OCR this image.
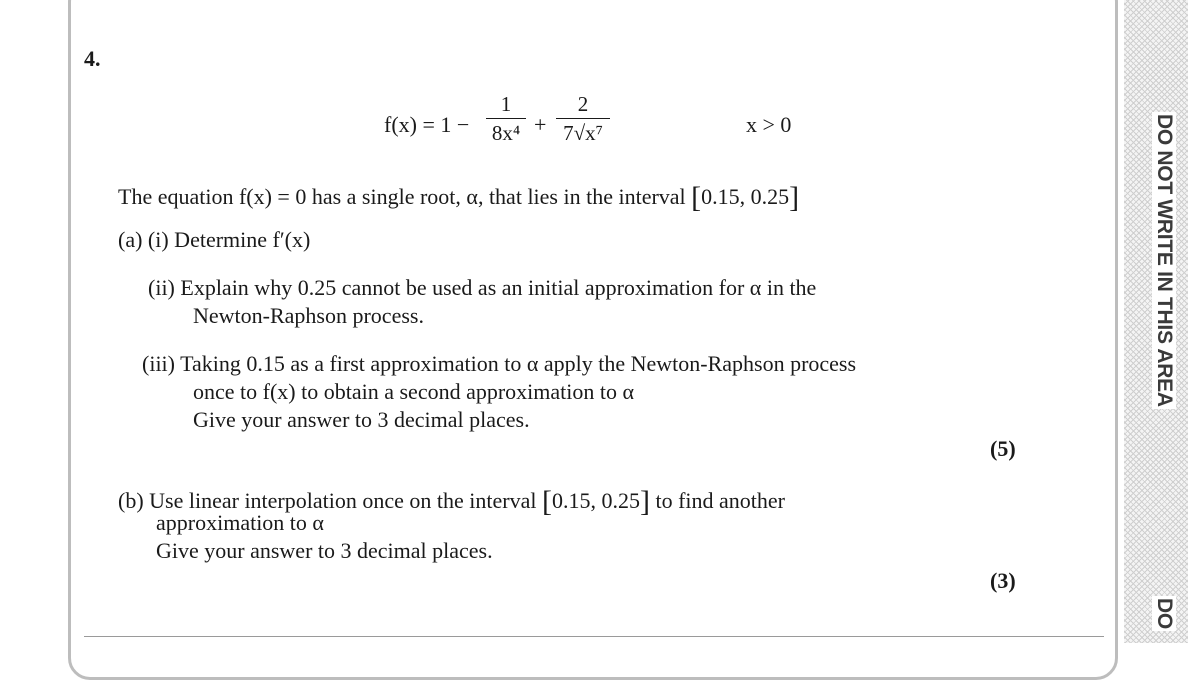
DO NOT WRITE IN THIS AREA
DO
4.
f(x) = 1 −
1
8x⁴ +
2
7√x⁷	x > 0
The equation f(x) = 0 has a single root, α, that lies in the interval [0.15, 0.25]
(a) (i) Determine f′(x)
(ii) Explain why 0.25 cannot be used as an initial approximation for α in the
Newton-Raphson process.
(iii) Taking 0.15 as a first approximation to α apply the Newton-Raphson process
once to f(x) to obtain a second approximation to α
Give your answer to 3 decimal places.
(5)
(b) Use linear interpolation once on the interval [0.15, 0.25] to find another
approximation to α
Give your answer to 3 decimal places.
(3)
